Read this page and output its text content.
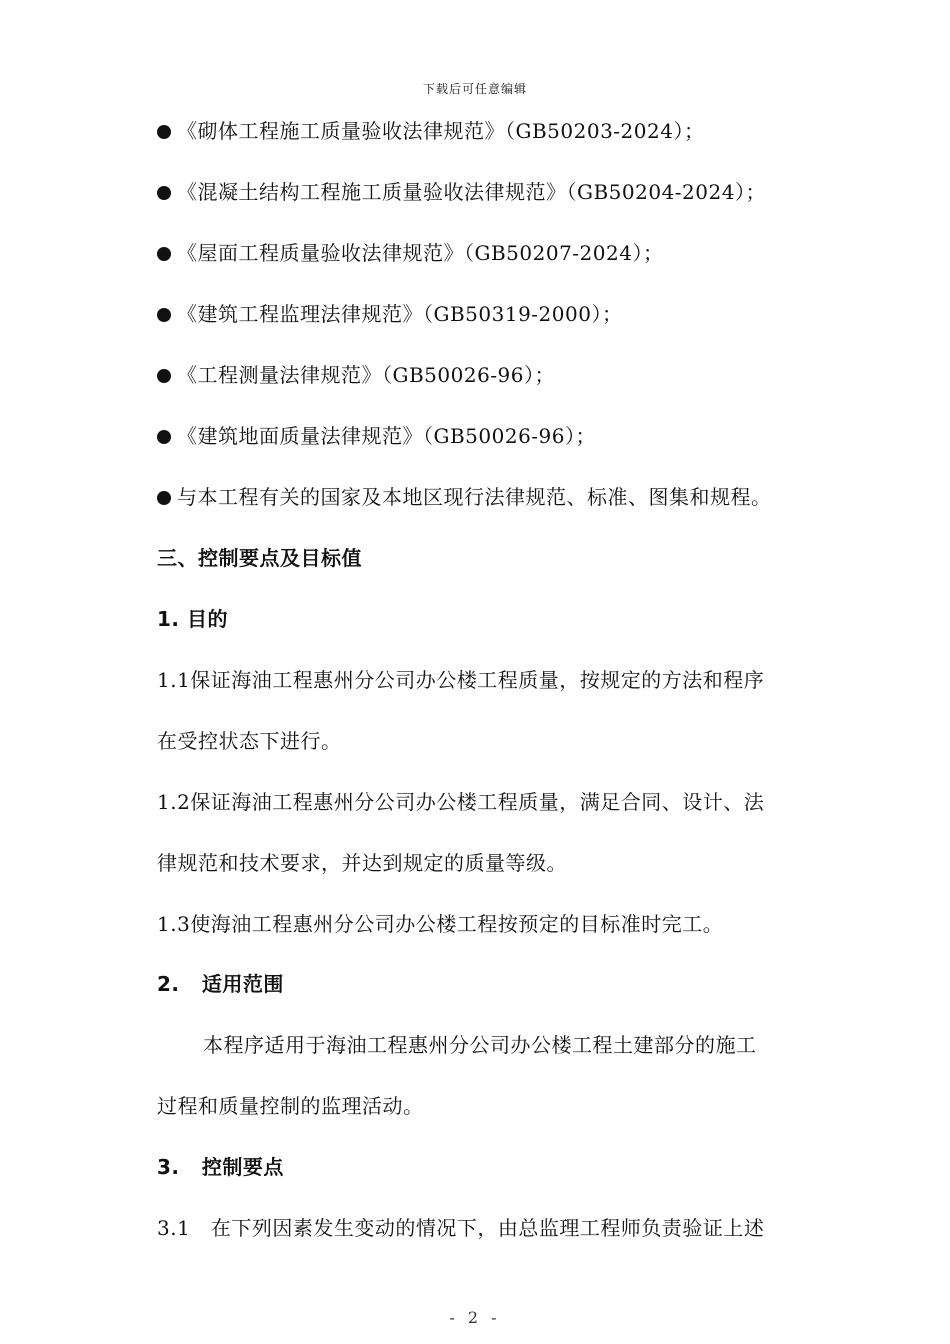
下载后可任意编辑
《砌体工程施工质量验收法律规范》（GB50203-2024）；
《混凝土结构工程施工质量验收法律规范》（GB50204-2024）；
《屋面工程质量验收法律规范》（GB50207-2024）；
《建筑工程监理法律规范》（GB50319-2000）；
《工程测量法律规范》（GB50026-96）；
《建筑地面质量法律规范》（GB50026-96）；
与本工程有关的国家及本地区现行法律规范、标准、图集和规程。
三、控制要点及目标值
1. 目的
1.1保证海油工程惠州分公司办公楼工程质量，按规定的方法和程序
在受控状态下进行。
1.2保证海油工程惠州分公司办公楼工程质量，满足合同、设计、法
律规范和技术要求，并达到规定的质量等级。
1.3使海油工程惠州分公司办公楼工程按预定的目标准时完工。
2.   适用范围
本程序适用于海油工程惠州分公司办公楼工程土建部分的施工
过程和质量控制的监理活动。
3.   控制要点
3.1   在下列因素发生变动的情况下，由总监理工程师负责验证上述
- 2 -
